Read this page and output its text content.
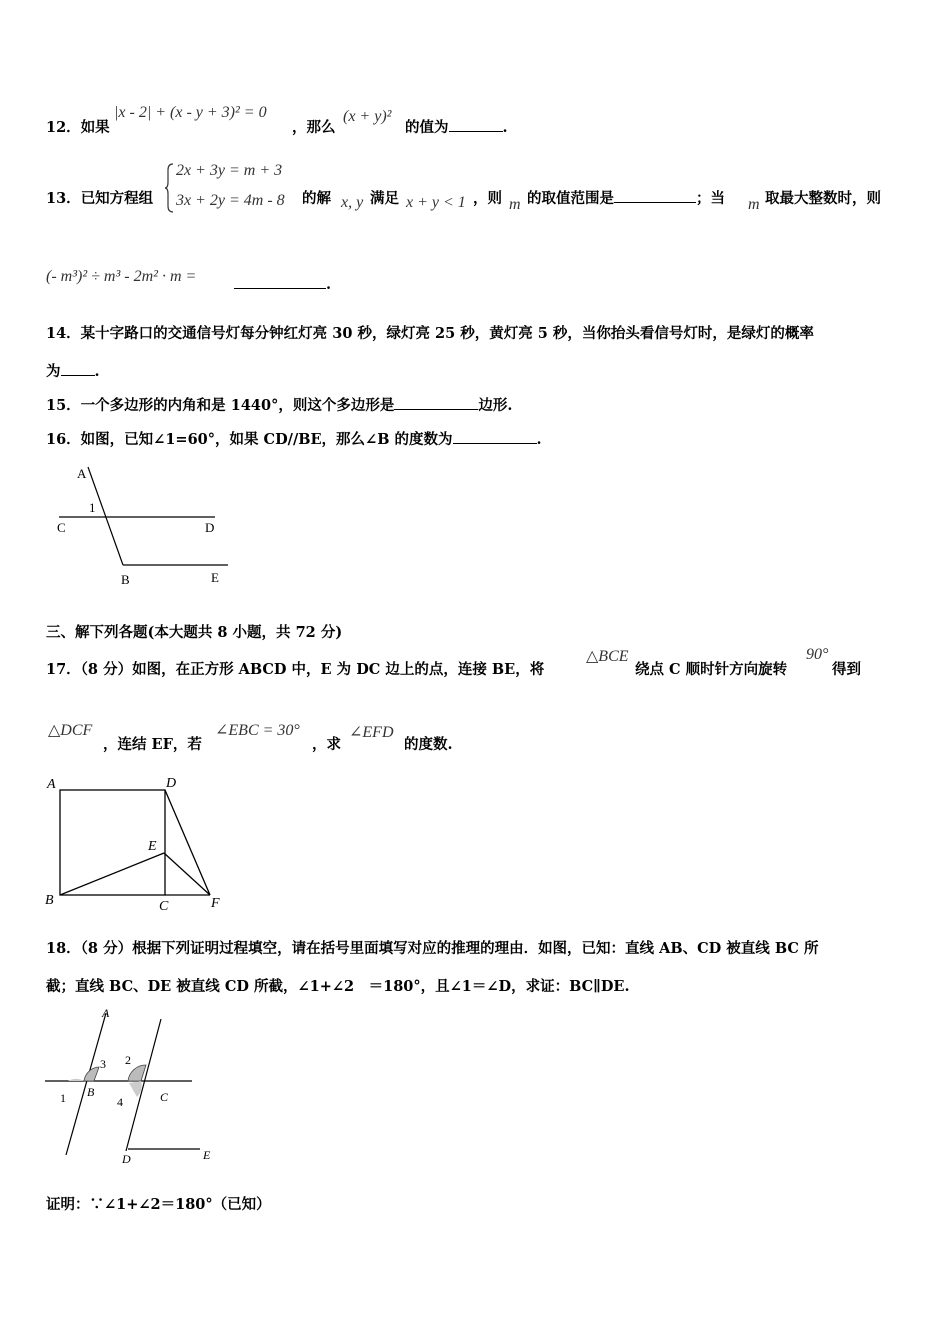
12．如果
|x - 2| + (x - y + 3)² = 0
，那么
(x + y)²
的值为	.
13．已知方程组
2x + 3y = m + 3
3x + 2y = 4m - 8 的解 x, y 满足 x + y < 1 ，则 m 的取值范围是	；当 m 取最大整数时，则
(- m³)² ÷ m³ - 2m² · m =	.
14．某十字路口的交通信号灯每分钟红灯亮 30 秒，绿灯亮 25 秒，黄灯亮 5 秒，当你抬头看信号灯时，是绿灯的概率
为 .
15．一个多边形的内角和是 1440°，则这个多边形是	边形.
16．如图，已知∠1=60°，如果 CD//BE，那么∠B 的度数为	.
A
1
C	D
B	E
三、解下列各题(本大题共 8 小题，共 72 分)
17．（8 分）如图，在正方形 ABCD 中，E 为 DC 边上的点，连接 BE，将
△BCE
绕点 C 顺时针方向旋转
90°
得到
△DCF
，连结 EF，若
∠EBC = 30°
，求
∠EFD
的度数.
A	D
E
B	C	F
18．（8 分）根据下列证明过程填空，请在括号里面填写对应的推理的理由．如图，已知：直线 AB、CD 被直线 BC 所
截；直线 BC、DE 被直线 CD 所截，∠1+∠2　＝180°，且∠1＝∠D，求证：BC∥DE.
A
3 2
1 B
4	C
D	E
证明：∵∠1+∠2＝180°（已知）
